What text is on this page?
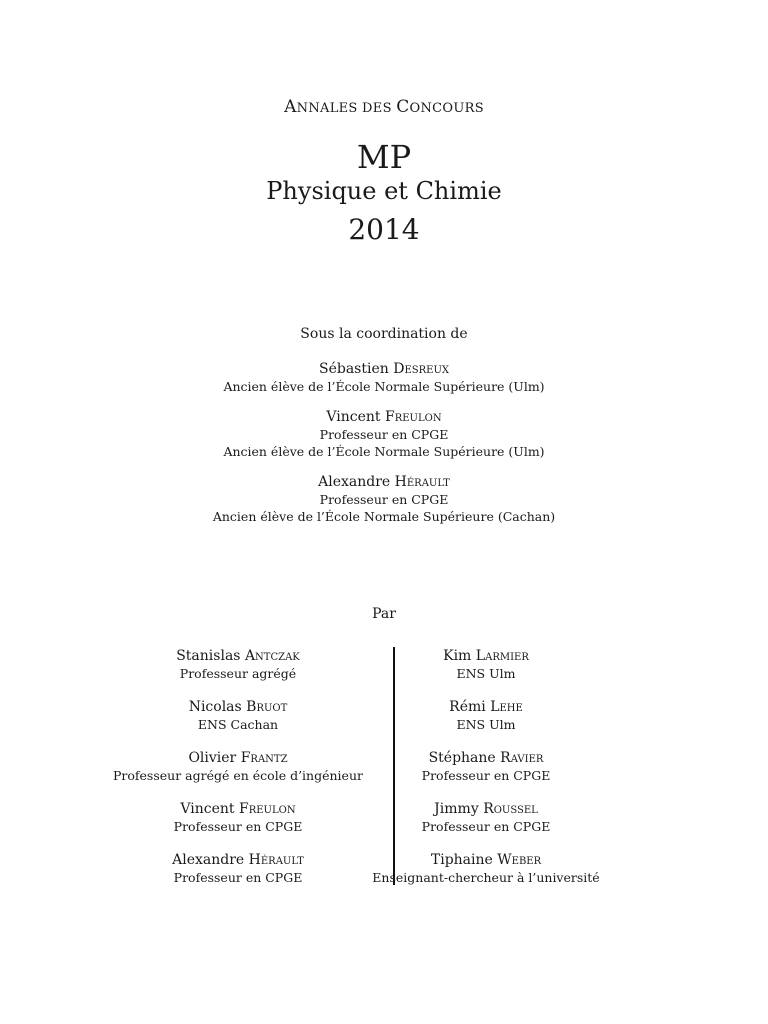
ANNALES DES CONCOURS
MP
Physique et Chimie
2014
Sous la coordination de
Sébastien Desreux
Ancien élève de l’École Normale Supérieure (Ulm)
Vincent Freulon
Professeur en CPGE
Ancien élève de l’École Normale Supérieure (Ulm)
Alexandre Hérault
Professeur en CPGE
Ancien élève de l’École Normale Supérieure (Cachan)
Par
Stanislas Antczak
Professeur agrégé
Nicolas Bruot
ENS Cachan
Olivier Frantz
Professeur agrégé en école d’ingénieur
Vincent Freulon
Professeur en CPGE
Alexandre Hérault
Professeur en CPGE
Kim Larmier
ENS Ulm
Rémi Lehe
ENS Ulm
Stéphane Ravier
Professeur en CPGE
Jimmy Roussel
Professeur en CPGE
Tiphaine Weber
Enseignant-chercheur à l’université
